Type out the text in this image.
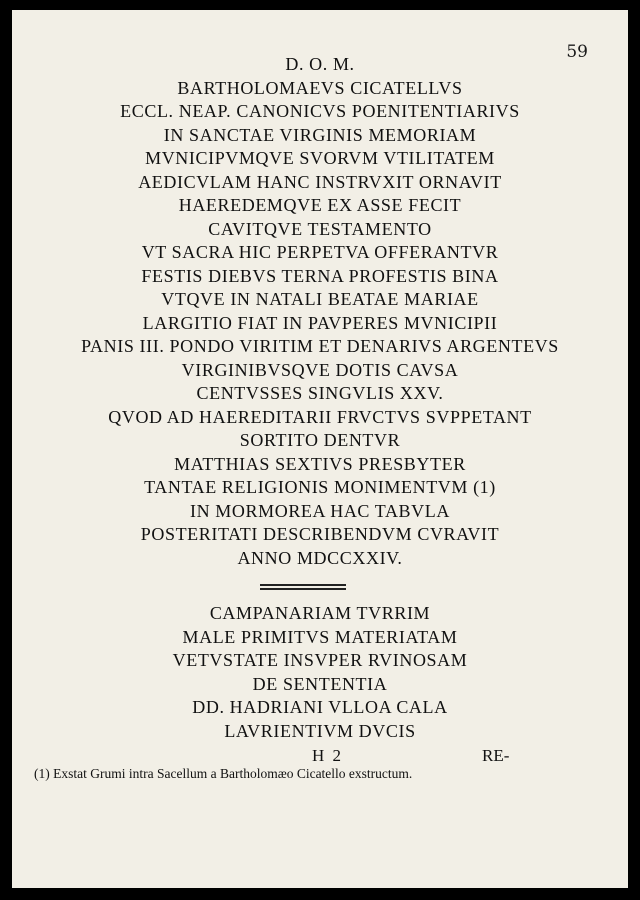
59
D. O. M.
BARTHOLOMAEVS CICATELLVS
ECCL. NEAP. CANONICVS POENITENTIARIVS
IN SANCTAE VIRGINIS MEMORIAM
MVNICIPVMQVE SVORVM VTILITATEM
AEDICVLAM HANC INSTRVXIT ORNAVIT
HAEREDEMQVE EX ASSE FECIT
CAVITQVE TESTAMENTO
VT SACRA HIC PERPETVA OFFERANTVR
FESTIS DIEBVS TERNA PROFESTIS BINA
VTQVE IN NATALI BEATAE MARIAE
LARGITIO FIAT IN PAVPERES MVNICIPII
PANIS III. PONDO VIRITIM ET DENARIVS ARGENTEVS
VIRGINIBVSQVE DOTIS CAVSA
CENTVSSES SINGVLIS XXV.
QVOD AD HAEREDITARII FRVCTVS SVPPETANT
SORTITO DENTVR
MATTHIAS SEXTIVS PRESBYTER
TANTAE RELIGIONIS MONIMENTVM (1)
IN MORMOREA HAC TABVLA
POSTERITATI DESCRIBENDVM CVRAVIT
ANNO MDCCXXIV.
CAMPANARIAM TVRRIM
MALE PRIMITVS MATERIATAM
VETVSTATE INSVPER RVINOSAM
DE SENTENTIA
DD. HADRIANI VLLOA CALA
LAVRIENTIVM DVCIS
H 2	RE-
(1) Exstat Grumi intra Sacellum a Bartholomæo Cicatello exstructum.
